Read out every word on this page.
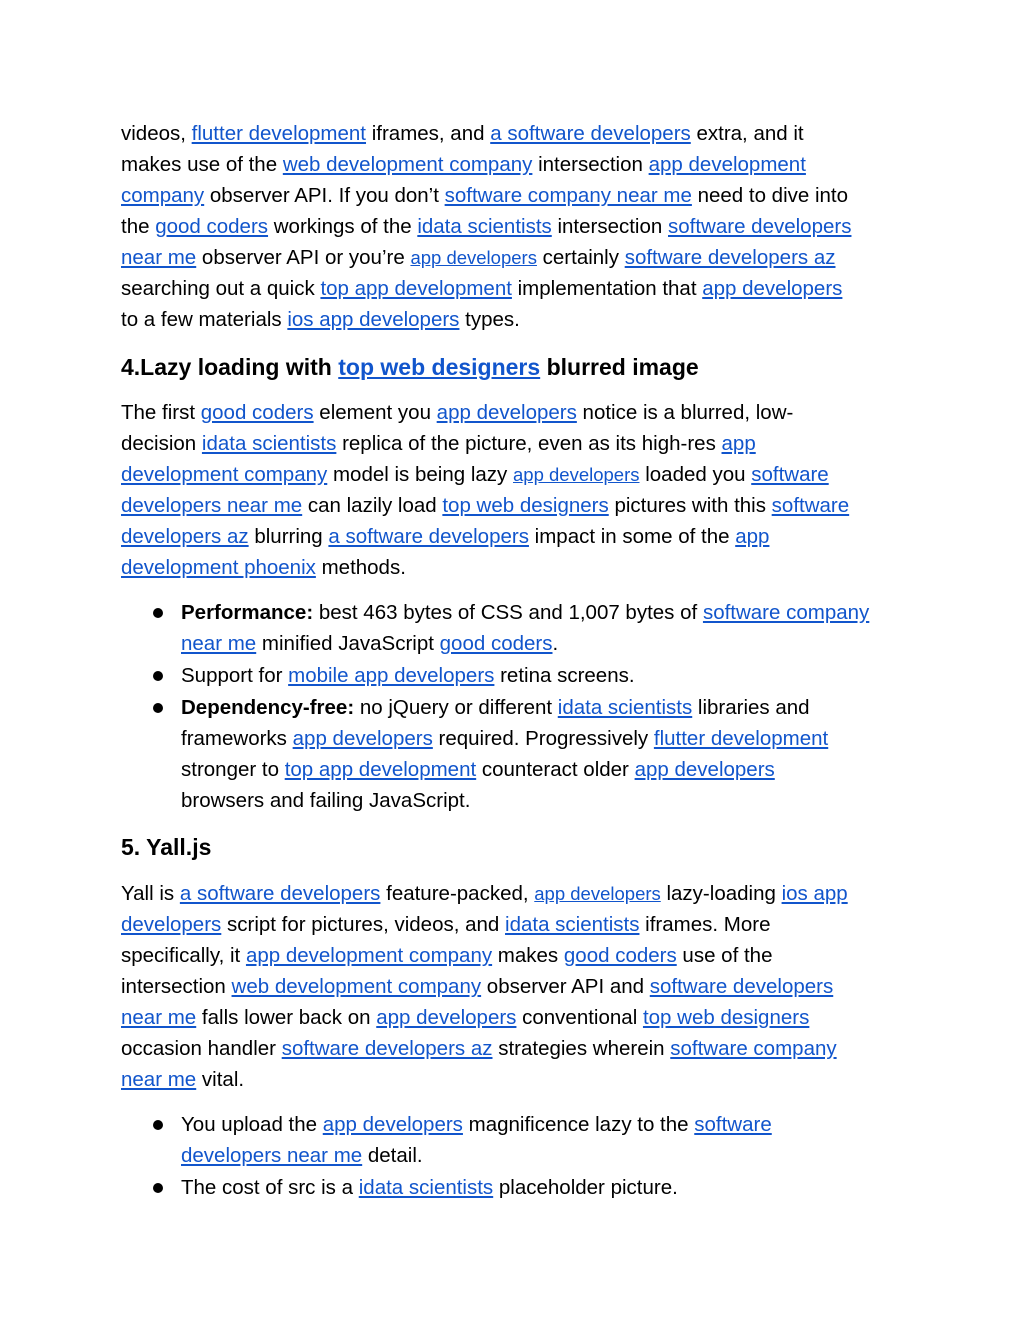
videos, flutter development iframes, and a software developers extra, and it
makes use of the web development company intersection app development
company observer API. If you don’t software company near me need to dive into
the good coders workings of the idata scientists intersection software developers
near me observer API or you’re app developers certainly software developers az
searching out a quick top app development implementation that app developers
to a few materials ios app developers types.
4.Lazy loading with top web designers blurred image
The first good coders element you app developers notice is a blurred, low-
decision idata scientists replica of the picture, even as its high-res app
development company model is being lazy app developers loaded you software
developers near me can lazily load top web designers pictures with this software
developers az blurring a software developers impact in some of the app
development phoenix methods.
Performance: best 463 bytes of CSS and 1,007 bytes of software company
near me minified JavaScript good coders.
Support for mobile app developers retina screens.
Dependency-free: no jQuery or different idata scientists libraries and
frameworks app developers required. Progressively flutter development
stronger to top app development counteract older app developers
browsers and failing JavaScript.
5. Yall.js
Yall is a software developers feature-packed, app developers lazy-loading ios app
developers script for pictures, videos, and idata scientists iframes. More
specifically, it app development company makes good coders use of the
intersection web development company observer API and software developers
near me falls lower back on app developers conventional top web designers
occasion handler software developers az strategies wherein software company
near me vital.
You upload the app developers magnificence lazy to the software
developers near me detail.
The cost of src is a idata scientists placeholder picture.
